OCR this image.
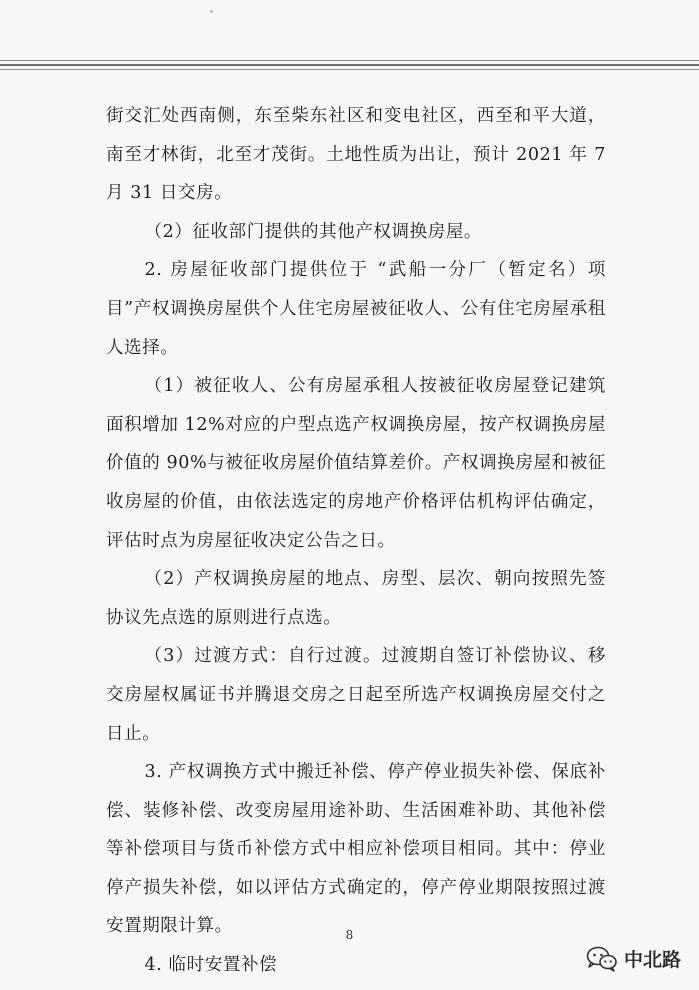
街交汇处西南侧，东至柴东社区和变电社区，西至和平大道，南至才林街，北至才茂街。土地性质为出让，预计 2021 年 7 月 31 日交房。

（2）征收部门提供的其他产权调换房屋。

2. 房屋征收部门提供位于 “武船一分厂（暂定名）项目”产权调换房屋供个人住宅房屋被征收人、公有住宅房屋承租人选择。

（1）被征收人、公有房屋承租人按被征收房屋登记建筑面积增加 12%对应的户型点选产权调换房屋，按产权调换房屋价值的 90%与被征收房屋价值结算差价。产权调换房屋和被征收房屋的价值，由依法选定的房地产价格评估机构评估确定，评估时点为房屋征收决定公告之日。

（2）产权调换房屋的地点、房型、层次、朝向按照先签协议先点选的原则进行点选。

（3）过渡方式：自行过渡。过渡期自签订补偿协议、移交房屋权属证书并腾退交房之日起至所选产权调换房屋交付之日止。

3. 产权调换方式中搬迁补偿、停产停业损失补偿、保底补偿、装修补偿、改变房屋用途补助、生活困难补助、其他补偿等补偿项目与货币补偿方式中相应补偿项目相同。其中：停业停产损失补偿，如以评估方式确定的，停产停业期限按照过渡安置期限计算。

4. 临时安置补偿

8
中北路
